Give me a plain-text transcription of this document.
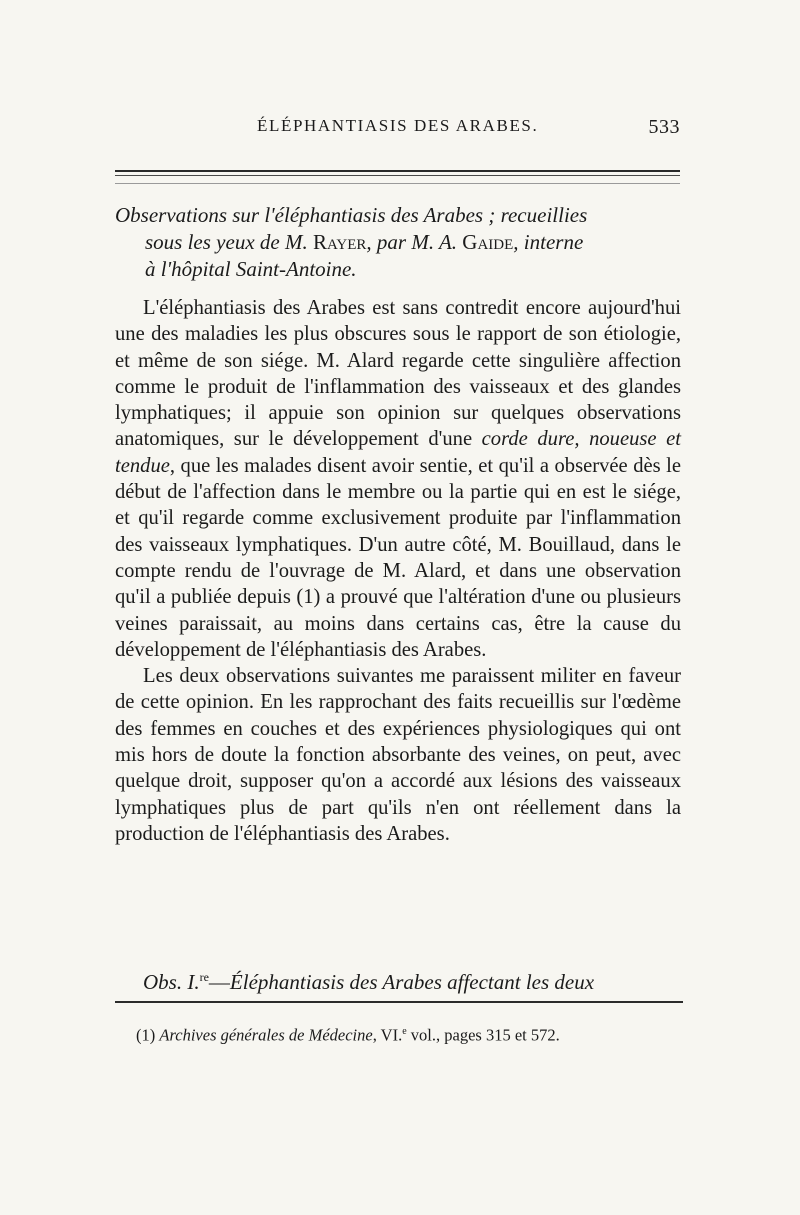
ÉLÉPHANTIASIS DES ARABES.	533
Observations sur l'éléphantiasis des Arabes ; recueillies
sous les yeux de M. Rayer, par M. A. Gaide, interne
à l'hôpital Saint-Antoine.

L'éléphantiasis des Arabes est sans contredit encore aujourd'hui une des maladies les plus obscures sous le rapport de son étiologie, et même de son siége. M. Alard regarde cette singulière affection comme le produit de l'inflammation des vaisseaux et des glandes lymphatiques; il appuie son opinion sur quelques observations anatomiques, sur le développement d'une corde dure, noueuse et tendue, que les malades disent avoir sentie, et qu'il a observée dès le début de l'affection dans le membre ou la partie qui en est le siége, et qu'il regarde comme exclusivement produite par l'inflammation des vaisseaux lymphatiques. D'un autre côté, M. Bouillaud, dans le compte rendu de l'ouvrage de M. Alard, et dans une observation qu'il a publiée depuis (1) a prouvé que l'altération d'une ou plusieurs veines paraissait, au moins dans certains cas, être la cause du développement de l'éléphantiasis des Arabes.

Les deux observations suivantes me paraissent militer en faveur de cette opinion. En les rapprochant des faits recueillis sur l'œdème des femmes en couches et des expériences physiologiques qui ont mis hors de doute la fonction absorbante des veines, on peut, avec quelque droit, supposer qu'on a accordé aux lésions des vaisseaux lymphatiques plus de part qu'ils n'en ont réellement dans la production de l'éléphantiasis des Arabes.

Obs. I.$^{re}$—Éléphantiasis des Arabes affectant les deux
(1) Archives générales de Médecine, VI.$^e$ vol., pages 315 et 572.
